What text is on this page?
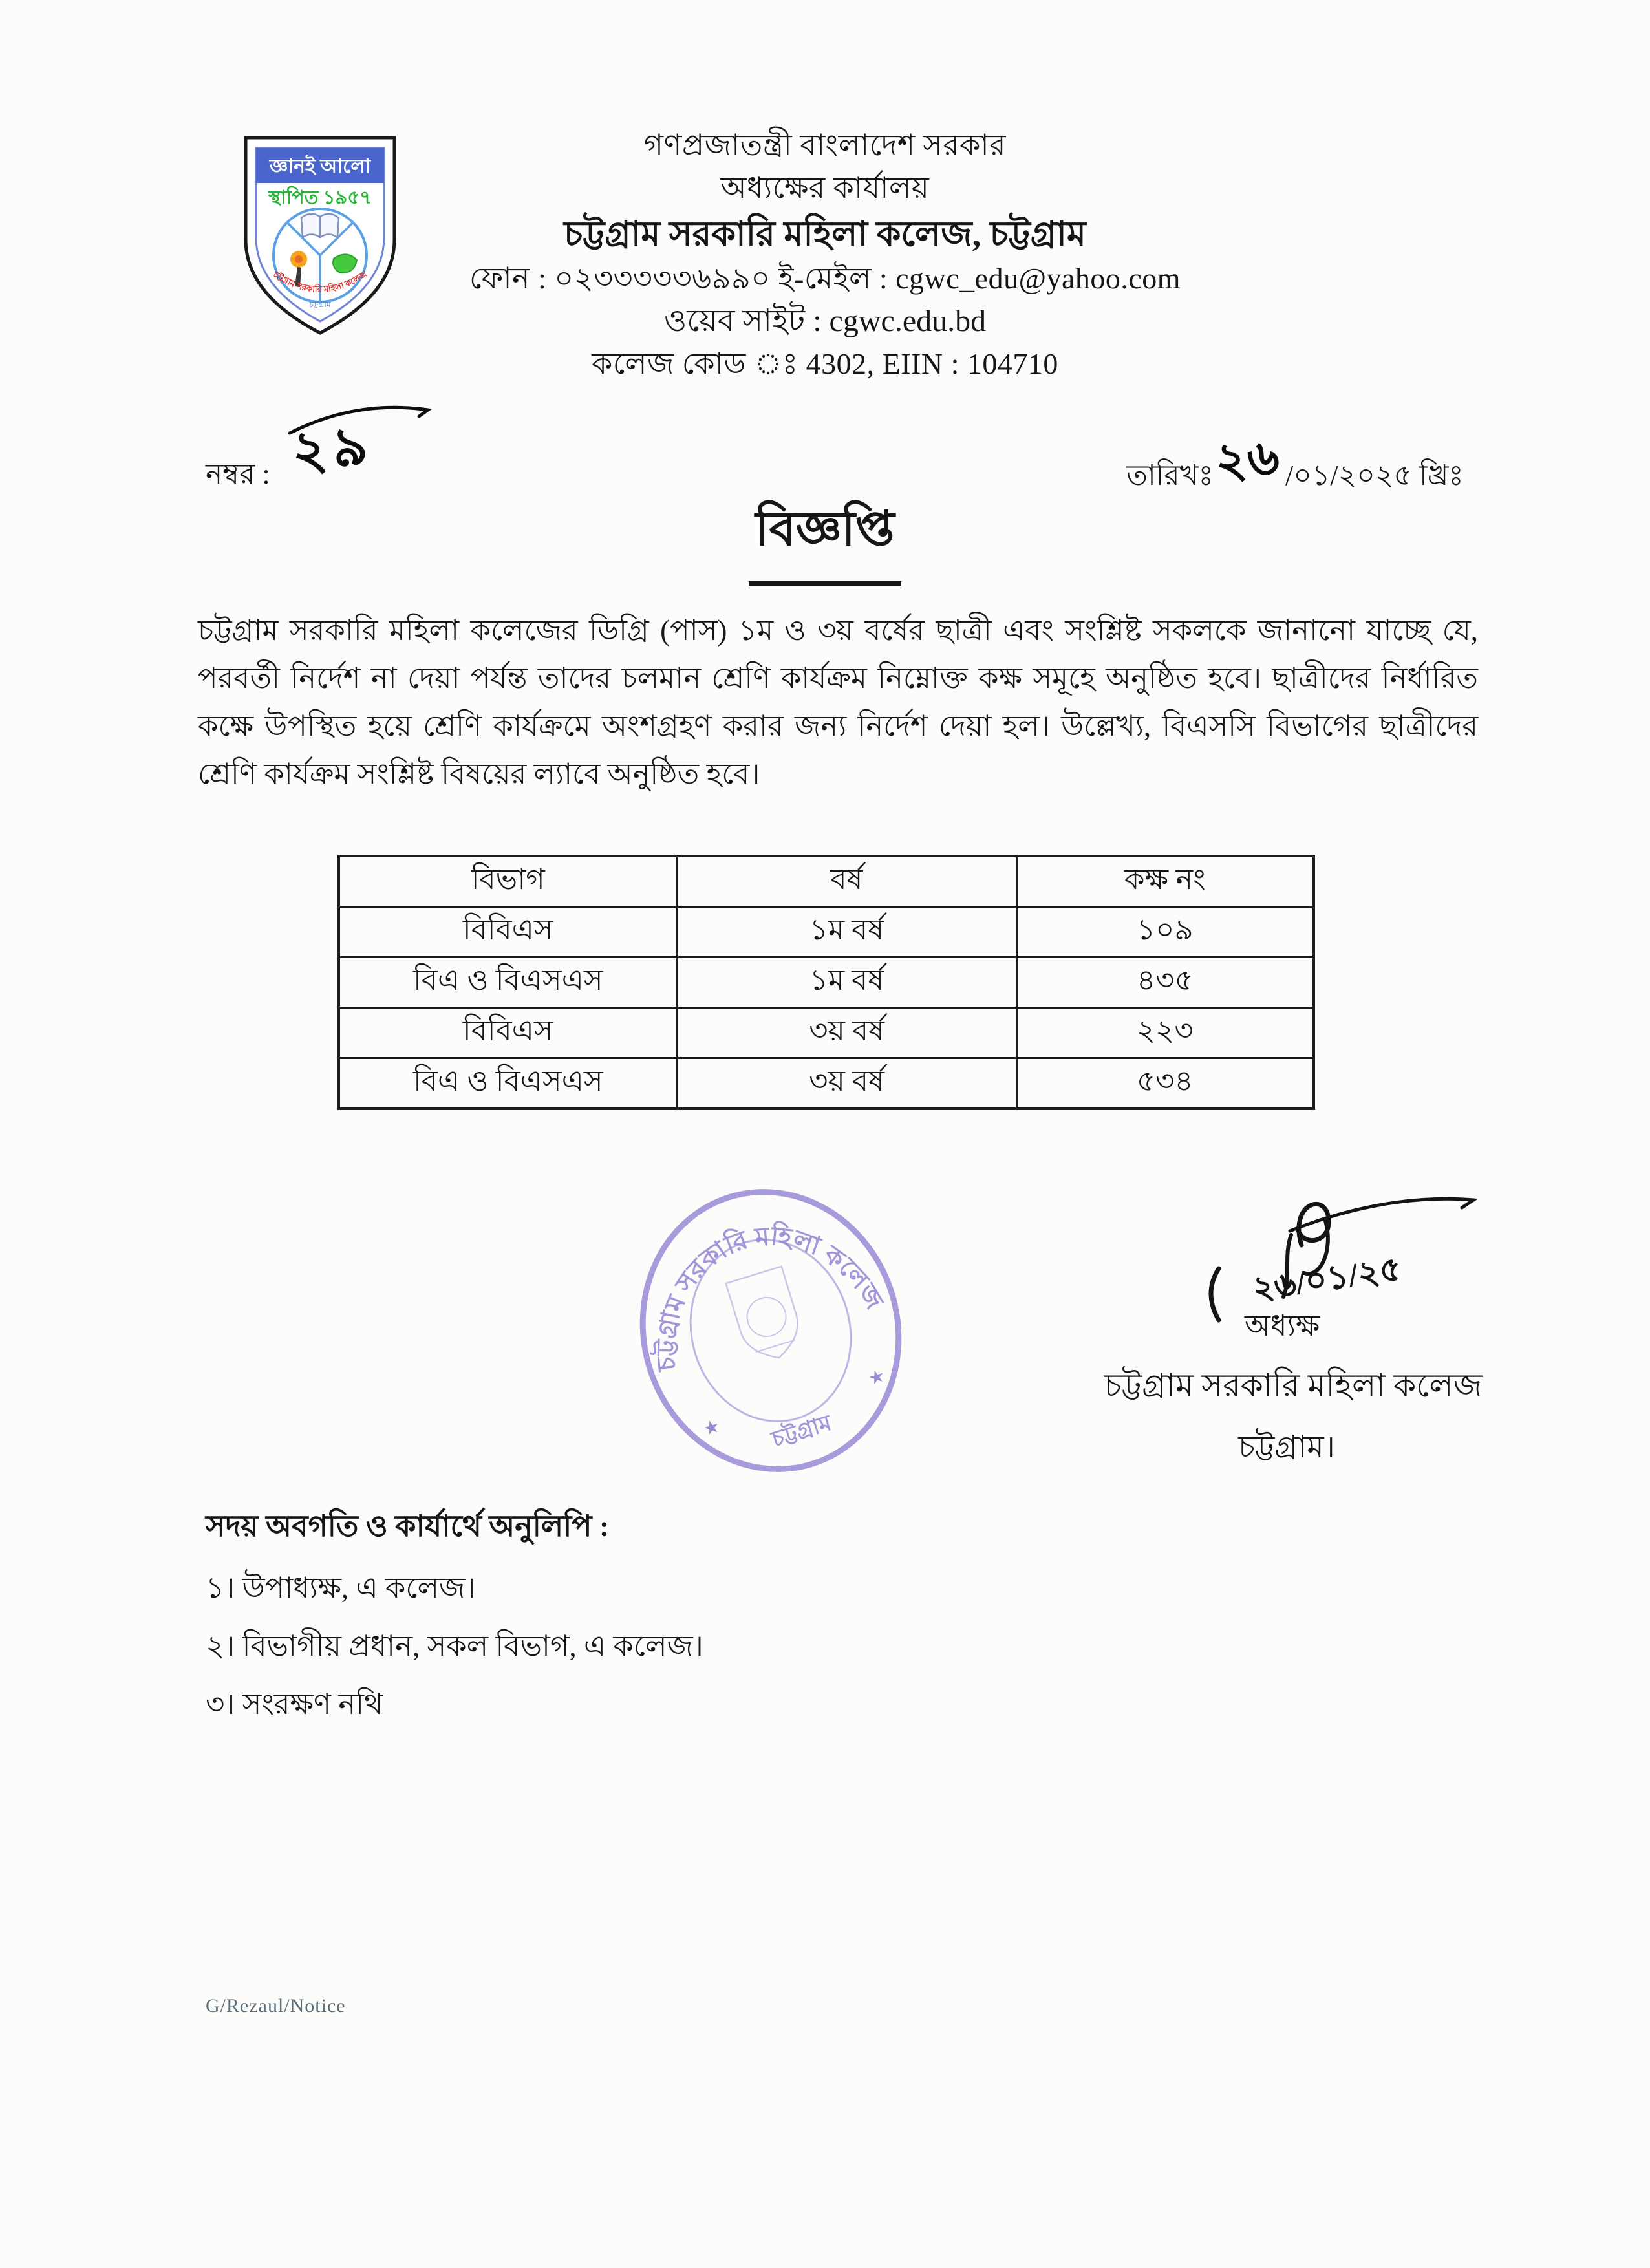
জ্ঞানই আলো
স্থাপিত ১৯৫৭
চট্টগ্রাম
চট্টগ্রাম সরকারি মহিলা কলেজ
গণপ্রজাতন্ত্রী বাংলাদেশ সরকার
অধ্যক্ষের কার্যালয়
চট্টগ্রাম সরকারি মহিলা কলেজ, চট্টগ্রাম
ফোন : ০২৩৩৩৩৩৬৯৯০ ই-মেইল : cgwc_edu@yahoo.com
ওয়েব সাইট : cgwc.edu.bd
কলেজ কোড ঃ 4302, EIIN : 104710
নম্বর : ২৯	তারিখঃ ২৬ /০১/২০২৫ খ্রিঃ
বিজ্ঞপ্তি

চট্টগ্রাম সরকারি মহিলা কলেজের ডিগ্রি (পাস) ১ম ও ৩য় বর্ষের ছাত্রী এবং সংশ্লিষ্ট সকলকে জানানো যাচ্ছে যে, পরবর্তী নির্দেশ না দেয়া পর্যন্ত তাদের চলমান শ্রেণি কার্যক্রম নিম্নোক্ত কক্ষ সমূহে অনুষ্ঠিত হবে। ছাত্রীদের নির্ধারিত কক্ষে উপস্থিত হয়ে শ্রেণি কার্যক্রমে অংশগ্রহণ করার জন্য নির্দেশ দেয়া হল। উল্লেখ্য, বিএসসি বিভাগের ছাত্রীদের শ্রেণি কার্যক্রম সংশ্লিষ্ট বিষয়ের ল্যাবে অনুষ্ঠিত হবে।

বিভাগ	বর্ষ	কক্ষ নং
বিবিএস	১ম বর্ষ	১০৯
বিএ ও বিএসএস	১ম বর্ষ	৪৩৫
বিবিএস	৩য় বর্ষ	২২৩
বিএ ও বিএসএস	৩য় বর্ষ	৫৩৪
চট্টগ্রাম সরকারি মহিলা কলেজ
★
★
চট্টগ্রাম
২৬/০১/২৫
অধ্যক্ষ
চট্টগ্রাম সরকারি মহিলা কলেজ
চট্টগ্রাম।
সদয় অবগতি ও কার্যার্থে অনুলিপি :
১। উপাধ্যক্ষ, এ কলেজ।
২। বিভাগীয় প্রধান, সকল বিভাগ, এ কলেজ।
৩। সংরক্ষণ নথি
G/Rezaul/Notice
